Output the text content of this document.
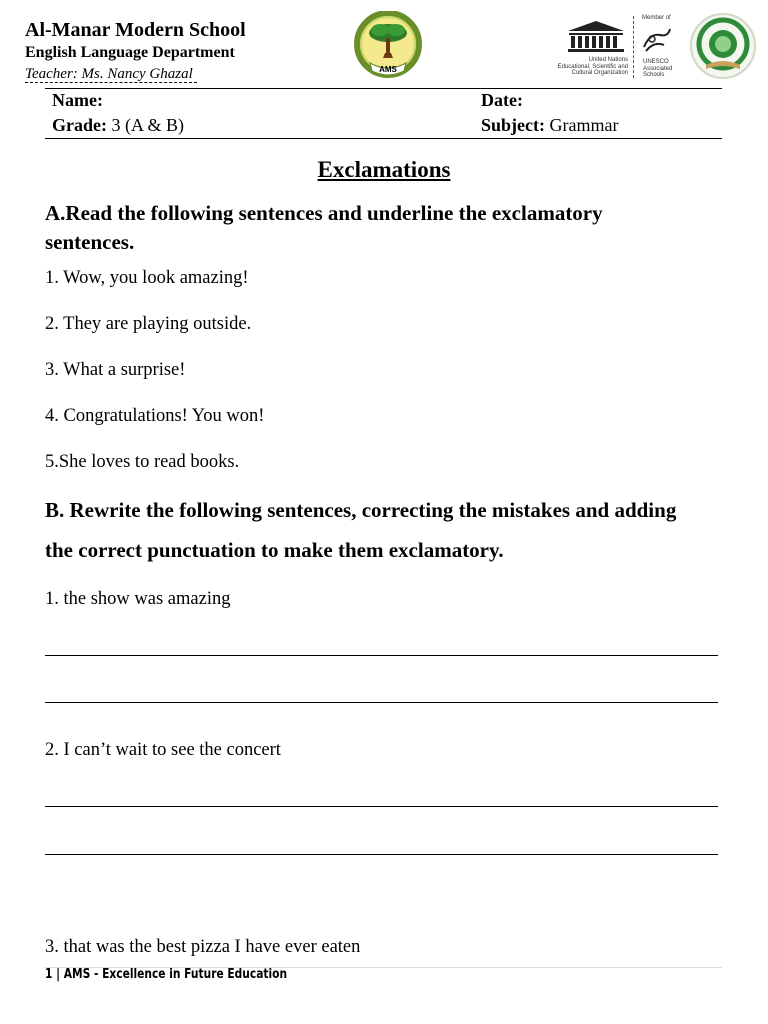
Al-Manar Modern School
English Language Department
Teacher: Ms. Nancy Ghazal	AMS
United Nations
Educational, Scientific and
Cultural Organization
Member of
UNESCO
Associated
Schools
Name:	Date:
Grade: 3 (A & B)	Subject: Grammar
Exclamations
A.Read the following sentences and underline the exclamatory sentences.
1. Wow, you look amazing!
2. They are playing outside.
3. What a surprise!
4. Congratulations! You won!
5.She loves to read books.
B. Rewrite the following sentences, correcting the mistakes and adding the correct punctuation to make them exclamatory.
1. the show was amazing
2. I can’t wait to see the concert
3. that was the best pizza I have ever eaten
1 | AMS - Excellence in Future Education
